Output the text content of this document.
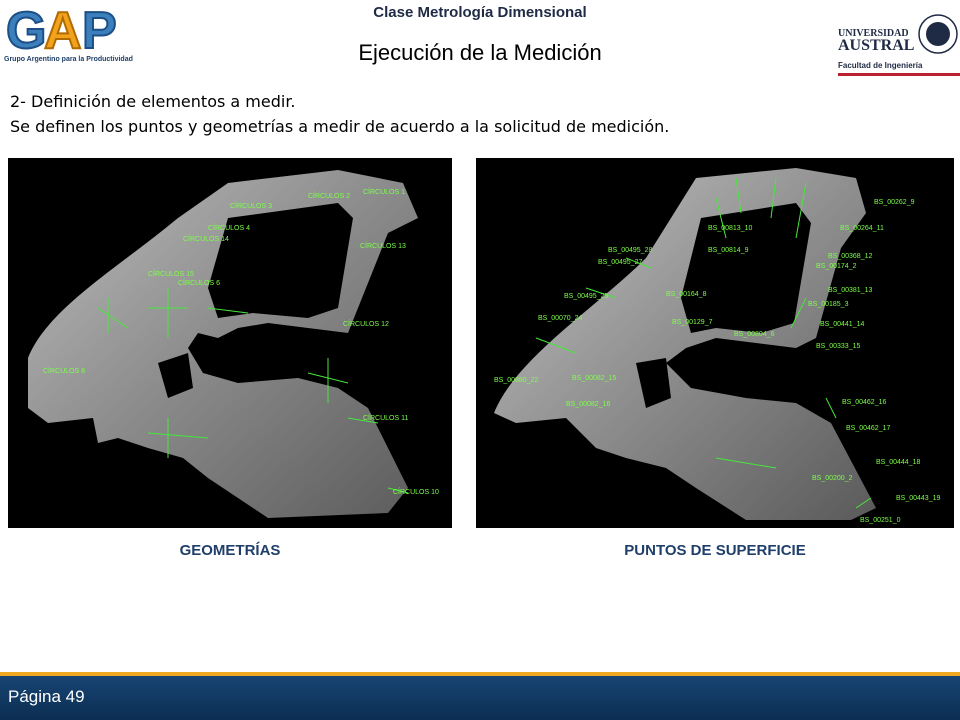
Clase Metrología Dimensional
Ejecución de la Medición
G
A P
Grupo Argentino para la Productividad
UNIVERSIDAD
AUSTRAL
Facultad de Ingeniería
2- Definición de elementos a medir.
Se definen los puntos y geometrías a medir de acuerdo a la solicitud de medición.
CÍRCULOS 1
CÍRCULOS 2
CÍRCULOS 3
CÍRCULOS 4
CÍRCULOS 14
CÍRCULOS 13
CÍRCULOS 15
CÍRCULOS 6
CÍRCULOS 12
CÍRCULOS 8
CÍRCULOS 11
CÍRCULOS 10
BS_00262_9
BS_00813_10	BS_00264_11
BS_00814_9
BS_00368_12
BS_00495_28
BS_00174_2
BS_00495_27
BS_00164_8
BS_00381_13
BS_00495_25
BS_00185_3
BS_00070_24
BS_00129_7	BS_00441_14
BS_00804_6
BS_00333_15
BS_00880_22	BS_00082_15
BS_00462_16
BS_00082_16
BS_00462_17
BS_00444_18
BS_00443_19
BS_00251_0
BS_00200_2
GEOMETRÍAS	PUNTOS DE SUPERFICIE
Página 49
